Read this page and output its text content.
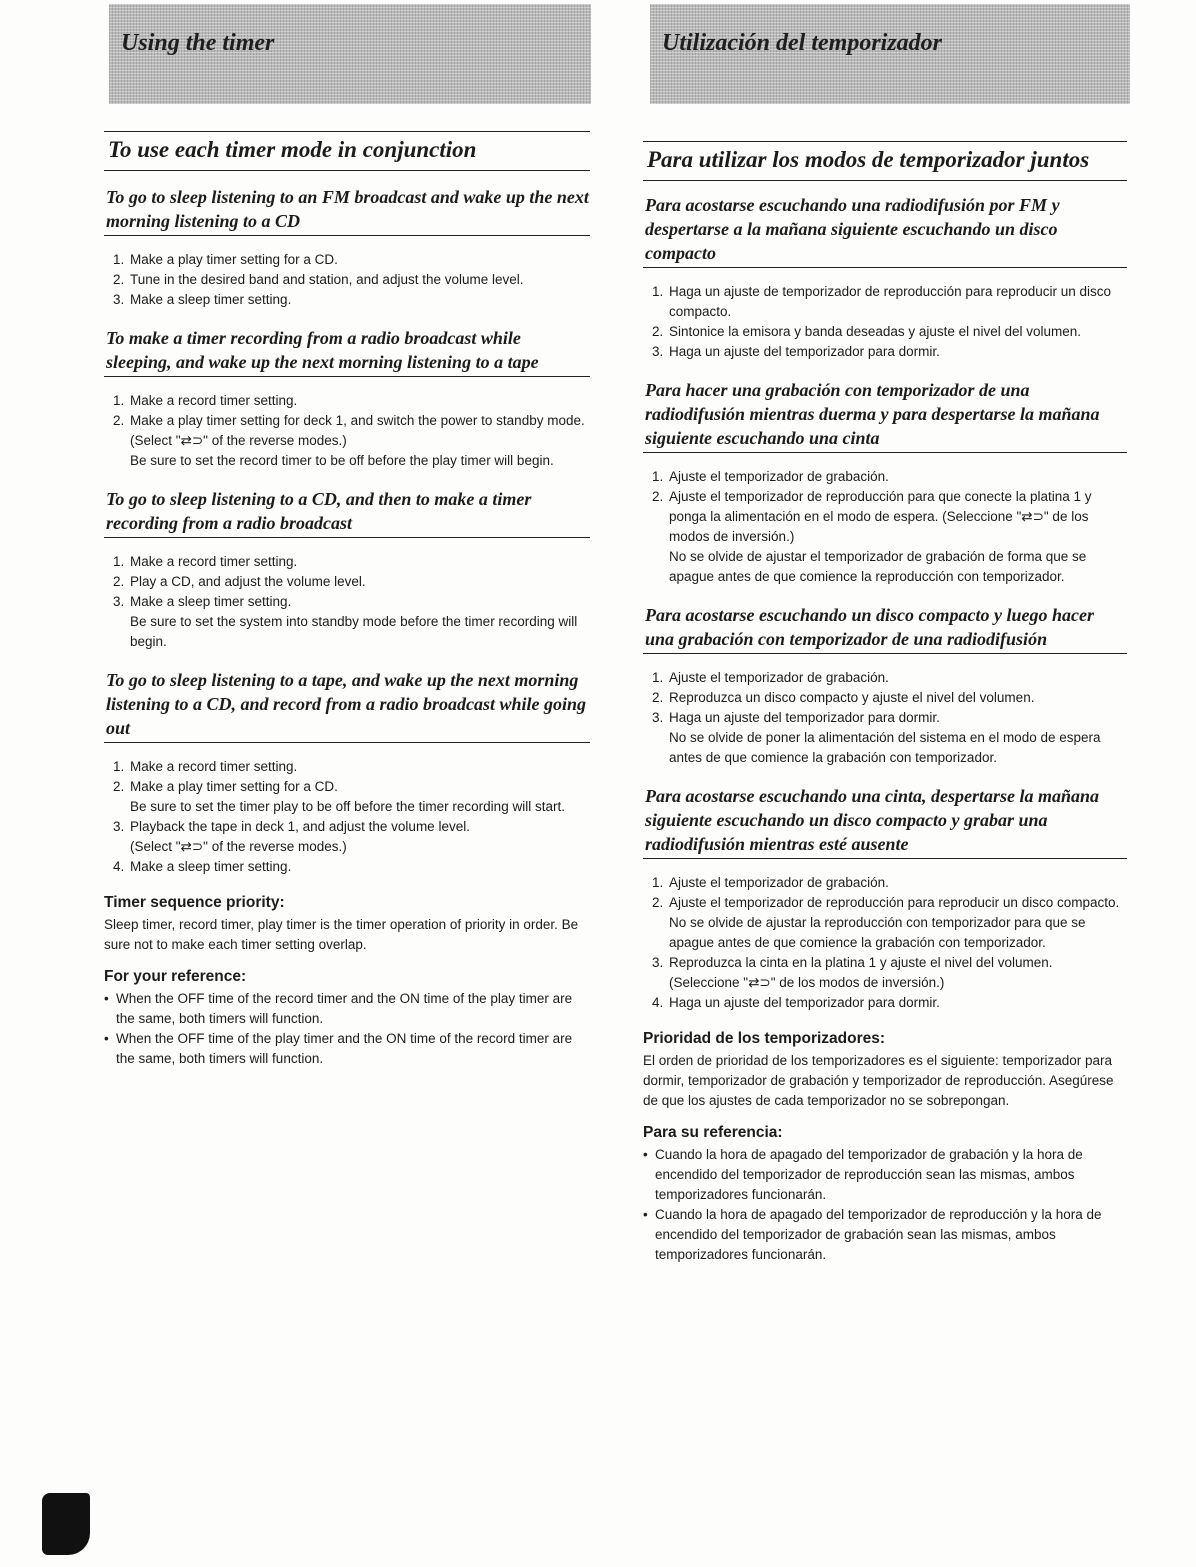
Using the timer
To use each timer mode in conjunction
To go to sleep listening to an FM broadcast and wake up the next morning listening to a CD
1. Make a play timer setting for a CD.
2. Tune in the desired band and station, and adjust the volume level.
3. Make a sleep timer setting.
To make a timer recording from a radio broadcast while sleeping, and wake up the next morning listening to a tape
1. Make a record timer setting.
2. Make a play timer setting for deck 1, and switch the power to standby mode. (Select "⇄⊃" of the reverse modes.)
Be sure to set the record timer to be off before the play timer will begin.
To go to sleep listening to a CD, and then to make a timer recording from a radio broadcast
1. Make a record timer setting.
2. Play a CD, and adjust the volume level.
3. Make a sleep timer setting.
Be sure to set the system into standby mode before the timer recording will begin.
To go to sleep listening to a tape, and wake up the next morning listening to a CD, and record from a radio broadcast while going out
1. Make a record timer setting.
2. Make a play timer setting for a CD.
Be sure to set the timer play to be off before the timer recording will start.
3. Playback the tape in deck 1, and adjust the volume level.
(Select "⇄⊃" of the reverse modes.)
4. Make a sleep timer setting.
Timer sequence priority:
Sleep timer, record timer, play timer is the timer operation of priority in order. Be sure not to make each timer setting overlap.
For your reference:
• When the OFF time of the record timer and the ON time of the play timer are the same, both timers will function.
• When the OFF time of the play timer and the ON time of the record timer are the same, both timers will function.
Utilización del temporizador
Para utilizar los modos de temporizador juntos
Para acostarse escuchando una radiodifusión por FM y despertarse a la mañana siguiente escuchando un disco compacto
1. Haga un ajuste de temporizador de reproducción para reproducir un disco compacto.
2. Sintonice la emisora y banda deseadas y ajuste el nivel del volumen.
3. Haga un ajuste del temporizador para dormir.
Para hacer una grabación con temporizador de una radiodifusión mientras duerma y para despertarse la mañana siguiente escuchando una cinta
1. Ajuste el temporizador de grabación.
2. Ajuste el temporizador de reproducción para que conecte la platina 1 y ponga la alimentación en el modo de espera. (Seleccione "⇄⊃" de los modos de inversión.)
No se olvide de ajustar el temporizador de grabación de forma que se apague antes de que comience la reproducción con temporizador.
Para acostarse escuchando un disco compacto y luego hacer una grabación con temporizador de una radiodifusión
1. Ajuste el temporizador de grabación.
2. Reproduzca un disco compacto y ajuste el nivel del volumen.
3. Haga un ajuste del temporizador para dormir.
No se olvide de poner la alimentación del sistema en el modo de espera antes de que comience la grabación con temporizador.
Para acostarse escuchando una cinta, despertarse la mañana siguiente escuchando un disco compacto y grabar una radiodifusión mientras esté ausente
1. Ajuste el temporizador de grabación.
2. Ajuste el temporizador de reproducción para reproducir un disco compacto.
No se olvide de ajustar la reproducción con temporizador para que se apague antes de que comience la grabación con temporizador.
3. Reproduzca la cinta en la platina 1 y ajuste el nivel del volumen.
(Seleccione "⇄⊃" de los modos de inversión.)
4. Haga un ajuste del temporizador para dormir.
Prioridad de los temporizadores:
El orden de prioridad de los temporizadores es el siguiente: temporizador para dormir, temporizador de grabación y temporizador de reproducción. Asegúrese de que los ajustes de cada temporizador no se sobrepongan.
Para su referencia:
• Cuando la hora de apagado del temporizador de grabación y la hora de encendido del temporizador de reproducción sean las mismas, ambos temporizadores funcionarán.
• Cuando la hora de apagado del temporizador de reproducción y la hora de encendido del temporizador de grabación sean las mismas, ambos temporizadores funcionarán.
